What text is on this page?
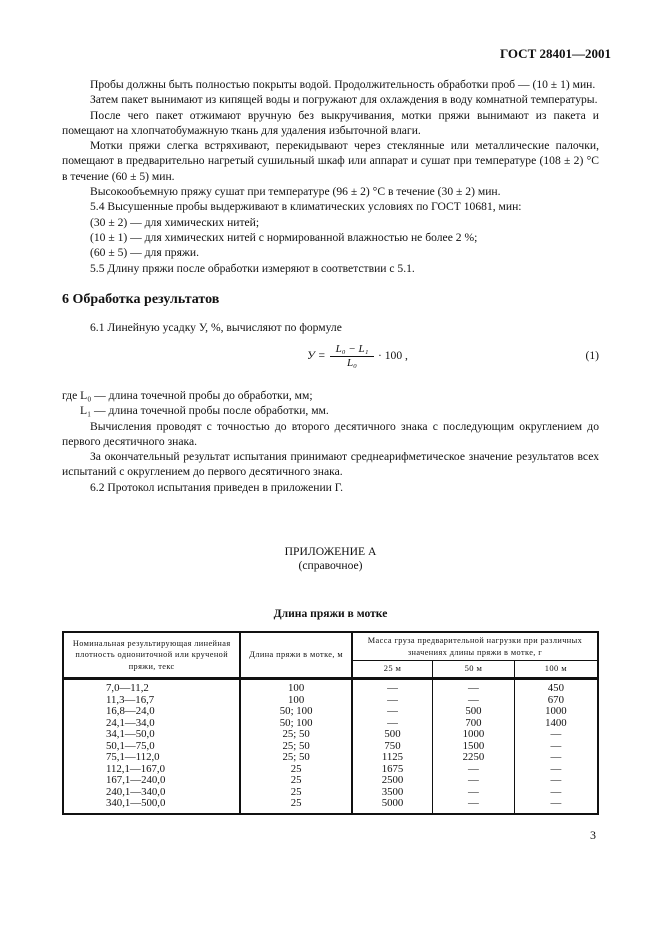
ГОСТ 28401—2001

Пробы должны быть полностью покрыты водой. Продолжительность обработки проб — (10 ± 1) мин.

Затем пакет вынимают из кипящей воды и погружают для охлаждения в воду комнатной температуры.

После чего пакет отжимают вручную без выкручивания, мотки пряжи вынимают из пакета и помещают на хлопчатобумажную ткань для удаления избыточной влаги.

Мотки пряжи слегка встряхивают, перекидывают через стеклянные или металлические палочки, помещают в предварительно нагретый сушильный шкаф или аппарат и сушат при температуре (108 ± 2) °С в течение (60 ± 5) мин.

Высокообъемную пряжу сушат при температуре (96 ± 2) °С в течение (30 ± 2) мин.

5.4 Высушенные пробы выдерживают в климатических условиях по ГОСТ 10681, мин:

(30 ± 2) — для химических нитей;

(10 ± 1) — для химических нитей с нормированной влажностью не более 2 %;

(60 ± 5) — для пряжи.

5.5 Длину пряжи после обработки измеряют в соответствии с 5.1.

6 Обработка результатов

6.1 Линейную усадку У, %, вычисляют по формуле

$У = \frac{\text{L₀ − L₁}}{\text{L₀}} \cdot 100$ ,	(1)

где L₀ — длина точечной пробы до обработки, мм;

L₁ — длина точечной пробы после обработки, мм.

Вычисления проводят с точностью до второго десятичного знака с последующим округлением до первого десятичного знака.

За окончательный результат испытания принимают среднеарифметическое значение результатов всех испытаний с округлением до первого десятичного знака.

6.2 Протокол испытания приведен в приложении Г.

ПРИЛОЖЕНИЕ А
(справочное)
Длина пряжи в мотке
Номинальная результирующая линейная плотность однониточной или крученой пряжи, текс	Длина пряжи в мотке, м	Масса груза предварительной нагрузки при различных значениях длины пряжи в мотке, г		
		25 м	50 м	100 м
7,0—11,2	100	—	—	450
11,3—16,7	100	—	—	670
16,8—24,0	50; 100	—	500	1000
24,1—34,0	50; 100	—	700	1400
34,1—50,0	25; 50	500	1000	—
50,1—75,0	25; 50	750	1500	—
75,1—112,0	25; 50	1125	2250	—
112,1—167,0	25	1675	—	—
167,1—240,0	25	2500	—	—
240,1—340,0	25	3500	—	—
340,1—500,0	25	5000	—	—
3
